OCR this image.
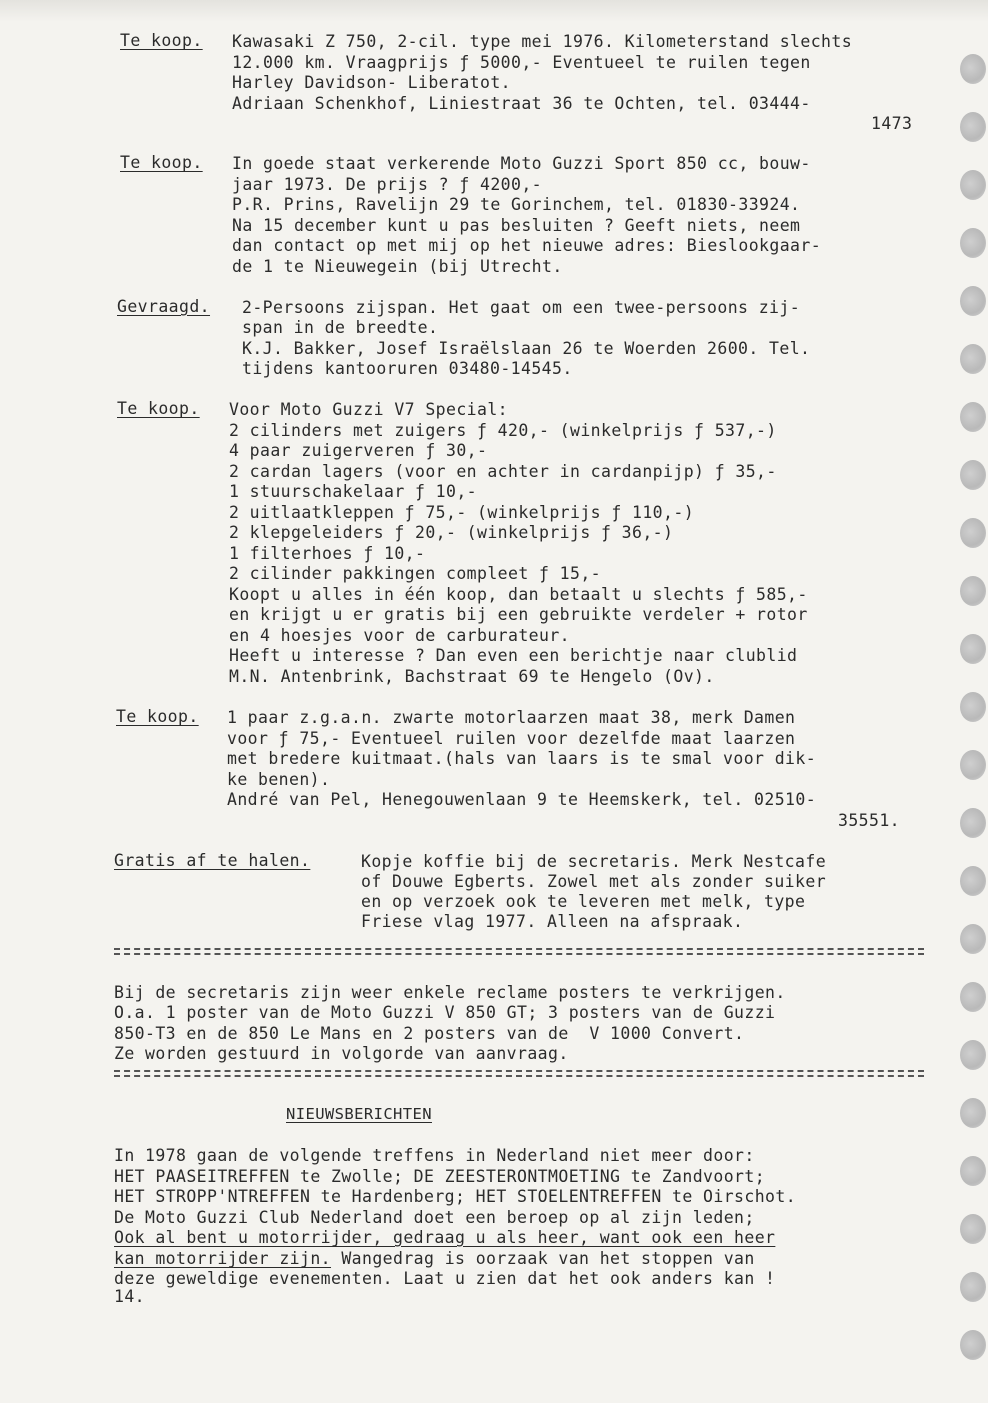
Te koop. Kawasaki Z 750, 2-cil. type mei 1976. Kilometerstand slechts
12.000 km. Vraagprijs ƒ 5000,- Eventueel te ruilen tegen
Harley Davidson- Liberatot.
Adriaan Schenkhof, Liniestraat 36 te Ochten, tel. 03444-
1473
Te koop. In goede staat verkerende Moto Guzzi Sport 850 cc, bouw-
jaar 1973. De prijs ? ƒ 4200,-
P.R. Prins, Ravelijn 29 te Gorinchem, tel. 01830-33924.
Na 15 december kunt u pas besluiten ? Geeft niets, neem
dan contact op met mij op het nieuwe adres: Bieslookgaar-
de 1 te Nieuwegein (bij Utrecht.
Gevraagd. 2-Persoons zijspan. Het gaat om een twee-persoons zij-
span in de breedte.
K.J. Bakker, Josef Israëlslaan 26 te Woerden 2600. Tel.
tijdens kantooruren 03480-14545.
Te koop. Voor Moto Guzzi V7 Special:
2 cilinders met zuigers ƒ 420,- (winkelprijs ƒ 537,-)
4 paar zuigerveren ƒ 30,-
2 cardan lagers (voor en achter in cardanpijp) ƒ 35,-
1 stuurschakelaar ƒ 10,-
2 uitlaatkleppen ƒ 75,- (winkelprijs ƒ 110,-)
2 klepgeleiders ƒ 20,- (winkelprijs ƒ 36,-)
1 filterhoes ƒ 10,-
2 cilinder pakkingen compleet ƒ 15,-
Koopt u alles in één koop, dan betaalt u slechts ƒ 585,-
en krijgt u er gratis bij een gebruikte verdeler + rotor
en 4 hoesjes voor de carburateur.
Heeft u interesse ? Dan even een berichtje naar clublid
M.N. Antenbrink, Bachstraat 69 te Hengelo (Ov).
Te koop. 1 paar z.g.a.n. zwarte motorlaarzen maat 38, merk Damen
voor ƒ 75,- Eventueel ruilen voor dezelfde maat laarzen
met bredere kuitmaat.(hals van laars is te smal voor dik-
ke benen).
André van Pel, Henegouwenlaan 9 te Heemskerk, tel. 02510-
35551.
Gratis af te halen.	Kopje koffie bij de secretaris. Merk Nestcafe
of Douwe Egberts. Zowel met als zonder suiker
en op verzoek ook te leveren met melk, type
Friese vlag 1977. Alleen na afspraak.
Bij de secretaris zijn weer enkele reclame posters te verkrijgen.
O.a. 1 poster van de Moto Guzzi V 850 GT; 3 posters van de Guzzi
850-T3 en de 850 Le Mans en 2 posters van de  V 1000 Convert.
Ze worden gestuurd in volgorde van aanvraag.
NIEUWSBERICHTEN
In 1978 gaan de volgende treffens in Nederland niet meer door:
HET PAASEITREFFEN te Zwolle; DE ZEESTERONTMOETING te Zandvoort;
HET STROPP'NTREFFEN te Hardenberg; HET STOELENTREFFEN te Oirschot.
De Moto Guzzi Club Nederland doet een beroep op al zijn leden;
Ook al bent u motorrijder, gedraag u als heer, want ook een heer
kan motorrijder zijn. Wangedrag is oorzaak van het stoppen van
deze geweldige evenementen. Laat u zien dat het ook anders kan !
14.
